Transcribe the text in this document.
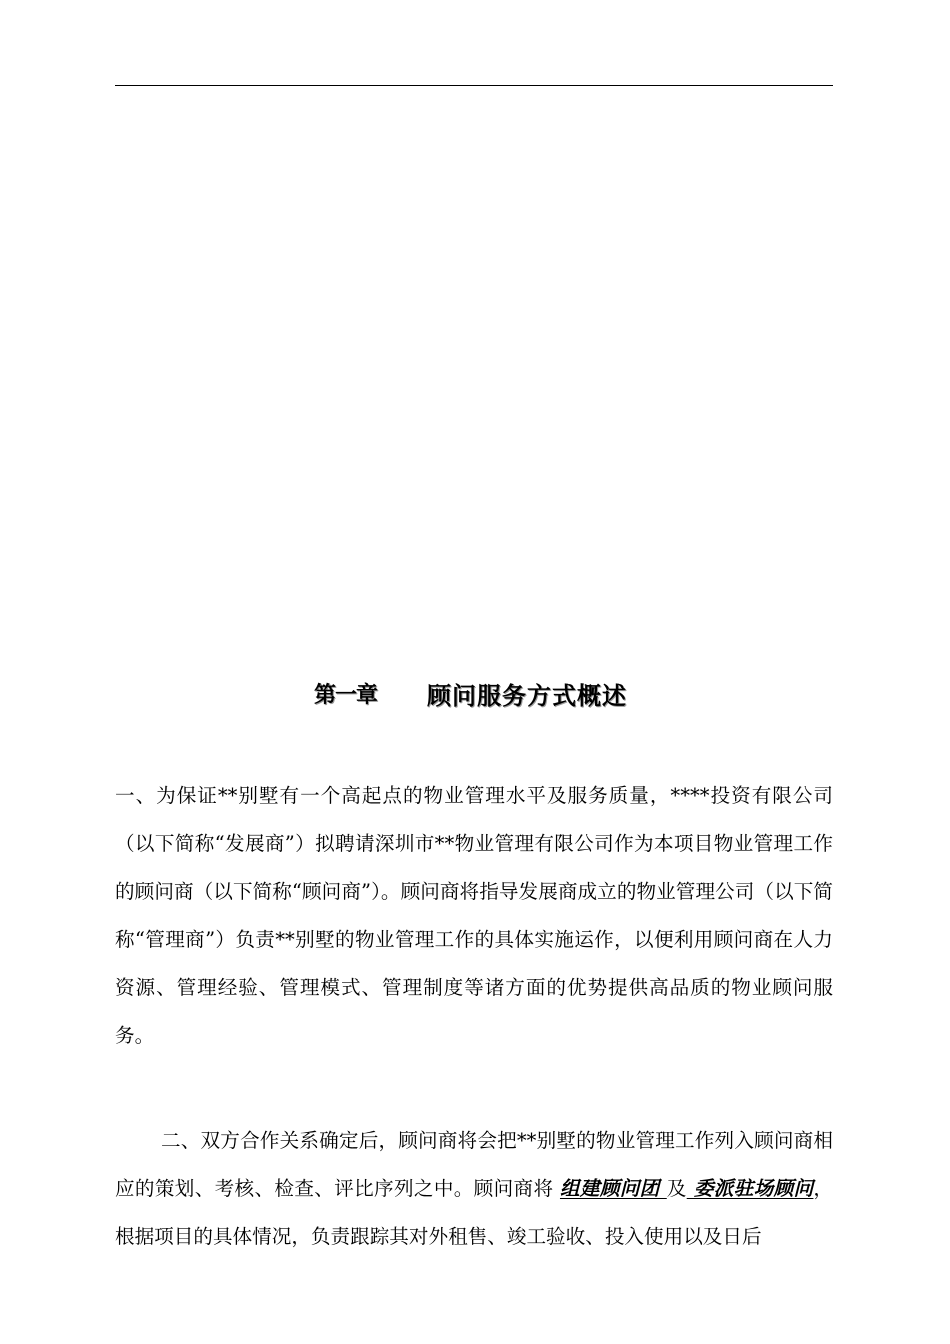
第一章 顾问服务方式概述
一、为保证**别墅有一个高起点的物业管理水平及服务质量，****投资有限公司（以下简称“发展商”）拟聘请深圳市**物业管理有限公司作为本项目物业管理工作的顾问商（以下简称“顾问商”）。顾问商将指导发展商成立的物业管理公司（以下简称“管理商”）负责**别墅的物业管理工作的具体实施运作，以便利用顾问商在人力资源、管理经验、管理模式、管理制度等诸方面的优势提供高品质的物业顾问服务。
二、双方合作关系确定后，顾问商将会把**别墅的物业管理工作列入顾问商相应的策划、考核、检查、评比序列之中。顾问商将 组建顾问团 及 委派驻场顾问，根据项目的具体情况，负责跟踪其对外租售、竣工验收、投入使用以及日后
